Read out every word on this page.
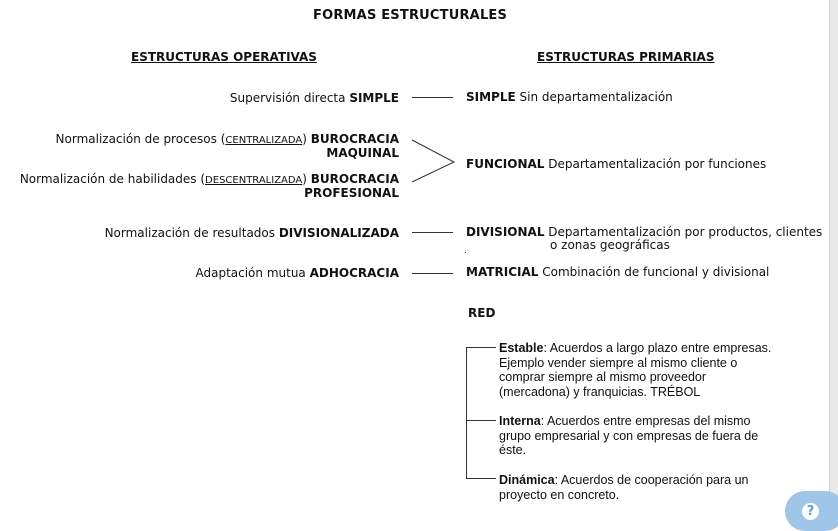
FORMAS ESTRUCTURALES
ESTRUCTURAS OPERATIVAS	ESTRUCTURAS PRIMARIAS
Supervisión directa SIMPLE
Normalización de procesos (CENTRALIZADA) BUROCRACIA
MAQUINAL
Normalización de habilidades (DESCENTRALIZADA) BUROCRACIA
PROFESIONAL
Normalización de resultados DIVISIONALIZADA
Adaptación mutua ADHOCRACIA
SIMPLE Sin departamentalización
FUNCIONAL Departamentalización por funciones
DIVISIONAL Departamentalización por productos, clientes
o zonas geográficas
.
MATRICIAL Combinación de funcional y divisional
RED
Estable: Acuerdos a largo plazo entre empresas. Ejemplo vender siempre al mismo cliente o comprar siempre al mismo proveedor (mercadona) y franquicias. TRÉBOL
Interna: Acuerdos entre empresas del mismo grupo empresarial y con empresas de fuera de éste.
Dinámica: Acuerdos de cooperación para un proyecto en concreto.
?
